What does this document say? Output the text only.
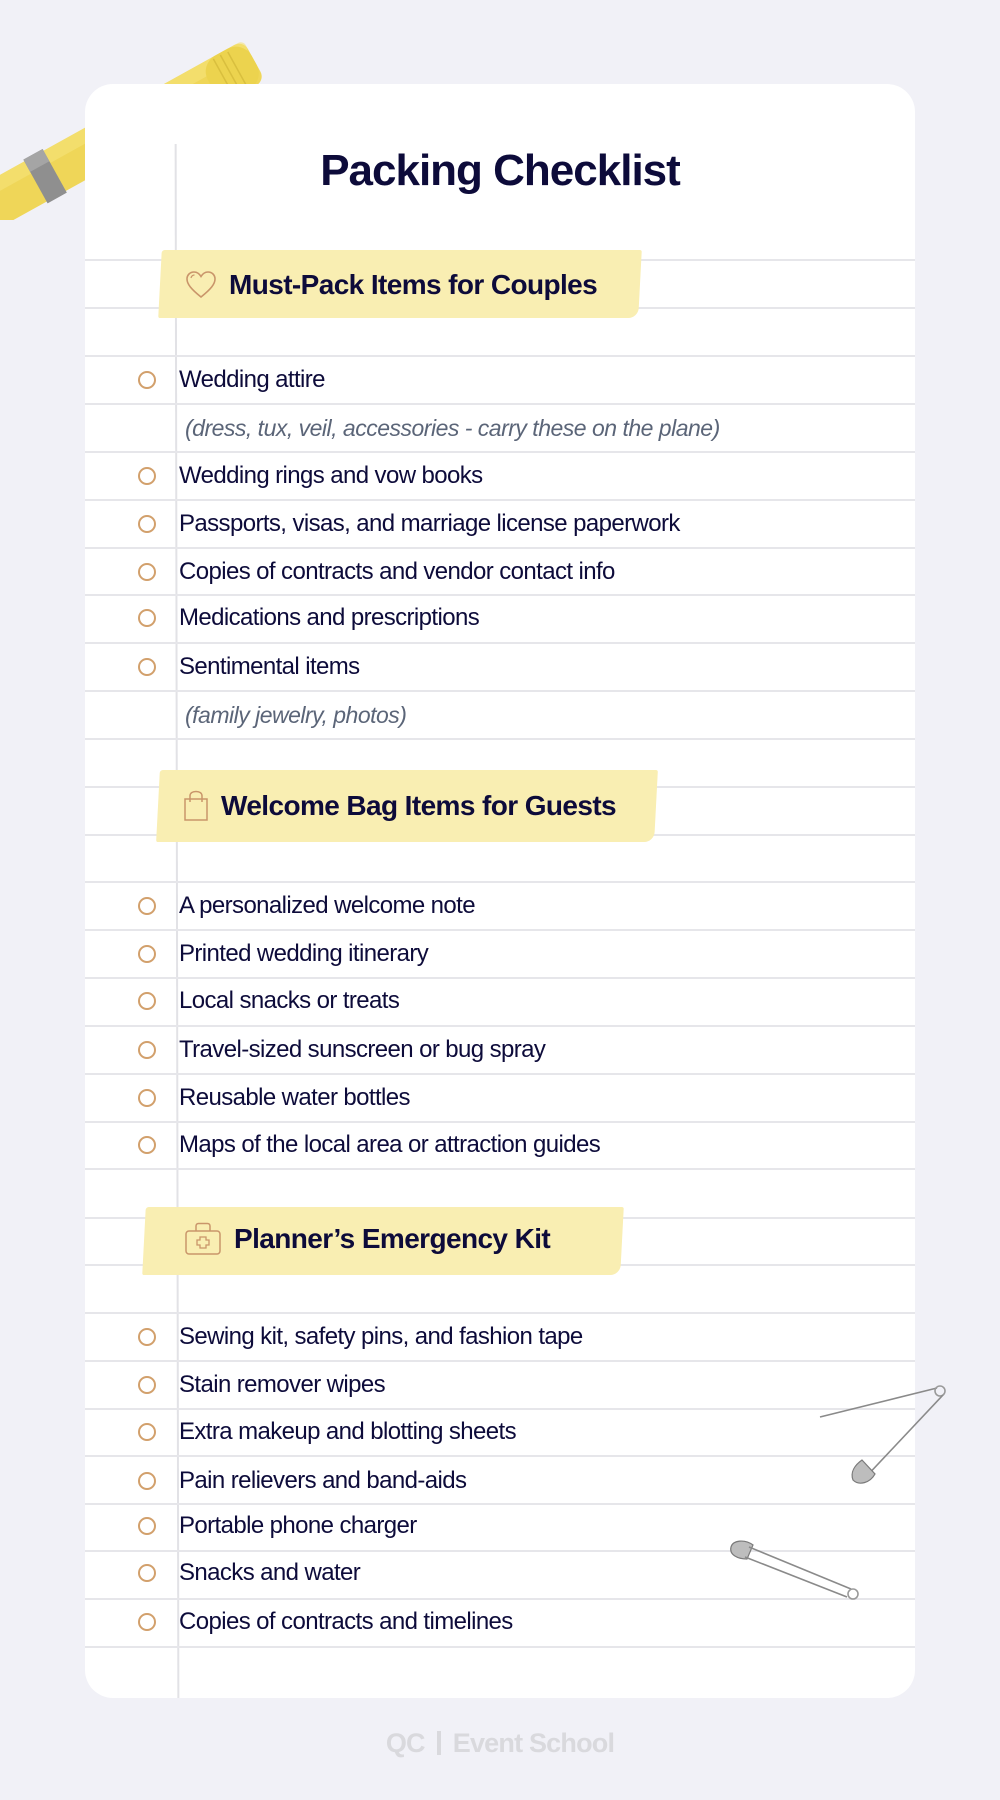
Packing Checklist
Must-Pack Items for Couples
Wedding attire
(dress, tux, veil, accessories - carry these on the plane)
Wedding rings and vow books
Passports, visas, and marriage license paperwork
Copies of contracts and vendor contact info
Medications and prescriptions
Sentimental items
(family jewelry, photos)
Welcome Bag Items for Guests
A personalized welcome note
Printed wedding itinerary
Local snacks or treats
Travel-sized sunscreen or bug spray
Reusable water bottles
Maps of the local area or attraction guides
Planner’s Emergency Kit
Sewing kit, safety pins, and fashion tape
Stain remover wipes
Extra makeup and blotting sheets
Pain relievers and band-aids
Portable phone charger
Snacks and water
Copies of contracts and timelines
QC Event School
